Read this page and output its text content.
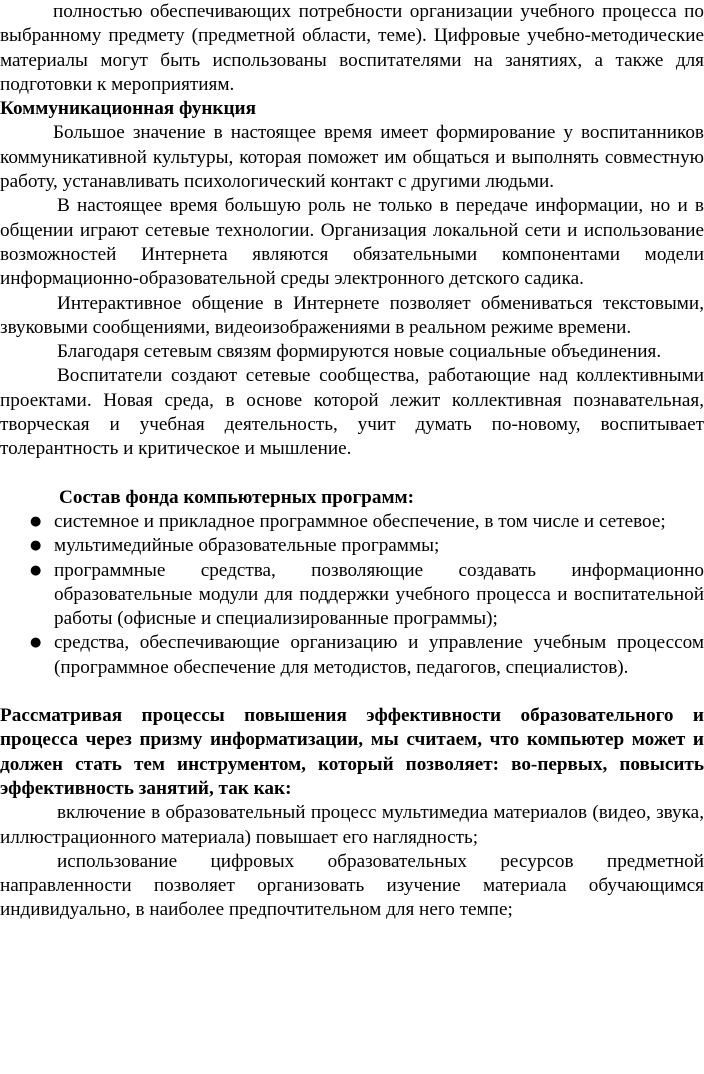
полностью обеспечивающих потребности организации учебного процесса по выбранному предмету (предметной области, теме). Цифровые учебно-методические материалы могут быть использованы воспитателями на занятиях, а также для подготовки к мероприятиям.

Коммуникационная функция

Большое значение в настоящее время имеет формирование у воспитанников коммуникативной культуры, которая поможет им общаться и выполнять совместную работу, устанавливать психологический контакт с другими людьми.

В настоящее время большую роль не только в передаче информации, но и в общении играют сетевые технологии. Организация локальной сети и использование возможностей Интернета являются обязательными компонентами модели информационно-образовательной среды электронного детского садика.

Интерактивное общение в Интернете позволяет обмениваться текстовыми, звуковыми сообщениями, видеоизображениями в реальном режиме времени.

Благодаря сетевым связям формируются новые социальные объединения.

Воспитатели создают сетевые сообщества, работающие над коллективными проектами. Новая среда, в основе которой лежит коллективная познавательная, творческая и учебная деятельность, учит думать по-новому, воспитывает толерантность и критическое и мышление.

Состав фонда компьютерных программ:

● системное и прикладное программное обеспечение, в том числе и сетевое;
● мультимедийные образовательные программы;
● программные средства, позволяющие создавать информационно образовательные модули для поддержки учебного процесса и воспитательной работы (офисные и специализированные программы);
● средства, обеспечивающие организацию и управление учебным процессом (программное обеспечение для методистов, педагогов, специалистов).

Рассматривая процессы повышения эффективности образовательного и процесса через призму информатизации, мы считаем, что компьютер может и должен стать тем инструментом, который позволяет: во-первых, повысить эффективность занятий, так как:

включение в образовательный процесс мультимедиа материалов (видео, звука, иллюстрационного материала) повышает его наглядность;

использование цифровых образовательных ресурсов предметной направленности позволяет организовать изучение материала обучающимся индивидуально, в наиболее предпочтительном для него темпе;
